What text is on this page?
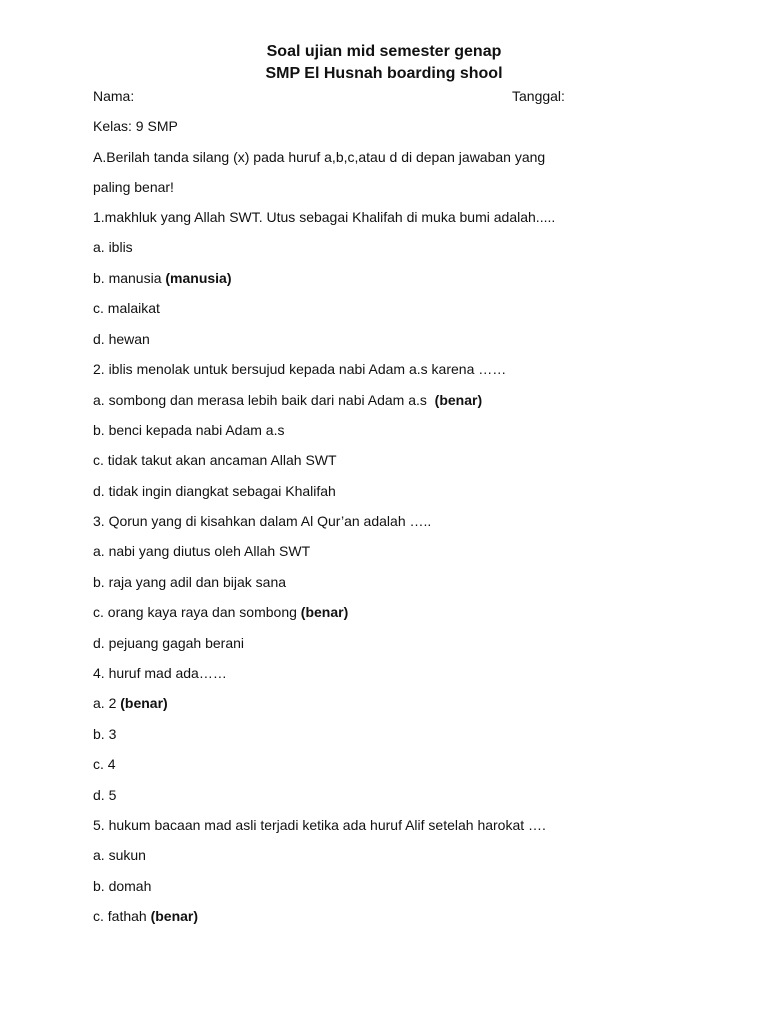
Soal ujian mid semester genap
SMP El Husnah boarding shool
Nama:	Tanggal:
Kelas: 9 SMP
A.Berilah tanda silang (x) pada huruf a,b,c,atau d di depan jawaban yang
paling benar!
1.makhluk yang Allah SWT. Utus sebagai Khalifah di muka bumi adalah.....
a. iblis
b. manusia (manusia)
c. malaikat
d. hewan
2. iblis menolak untuk bersujud kepada nabi Adam a.s karena ……
a. sombong dan merasa lebih baik dari nabi Adam a.s  (benar)
b. benci kepada nabi Adam a.s
c. tidak takut akan ancaman Allah SWT
d. tidak ingin diangkat sebagai Khalifah
3. Qorun yang di kisahkan dalam Al Qur’an adalah …..
a. nabi yang diutus oleh Allah SWT
b. raja yang adil dan bijak sana
c. orang kaya raya dan sombong (benar)
d. pejuang gagah berani
4. huruf mad ada……
a. 2 (benar)
b. 3
c. 4
d. 5
5. hukum bacaan mad asli terjadi ketika ada huruf Alif setelah harokat ….
a. sukun
b. domah
c. fathah (benar)
